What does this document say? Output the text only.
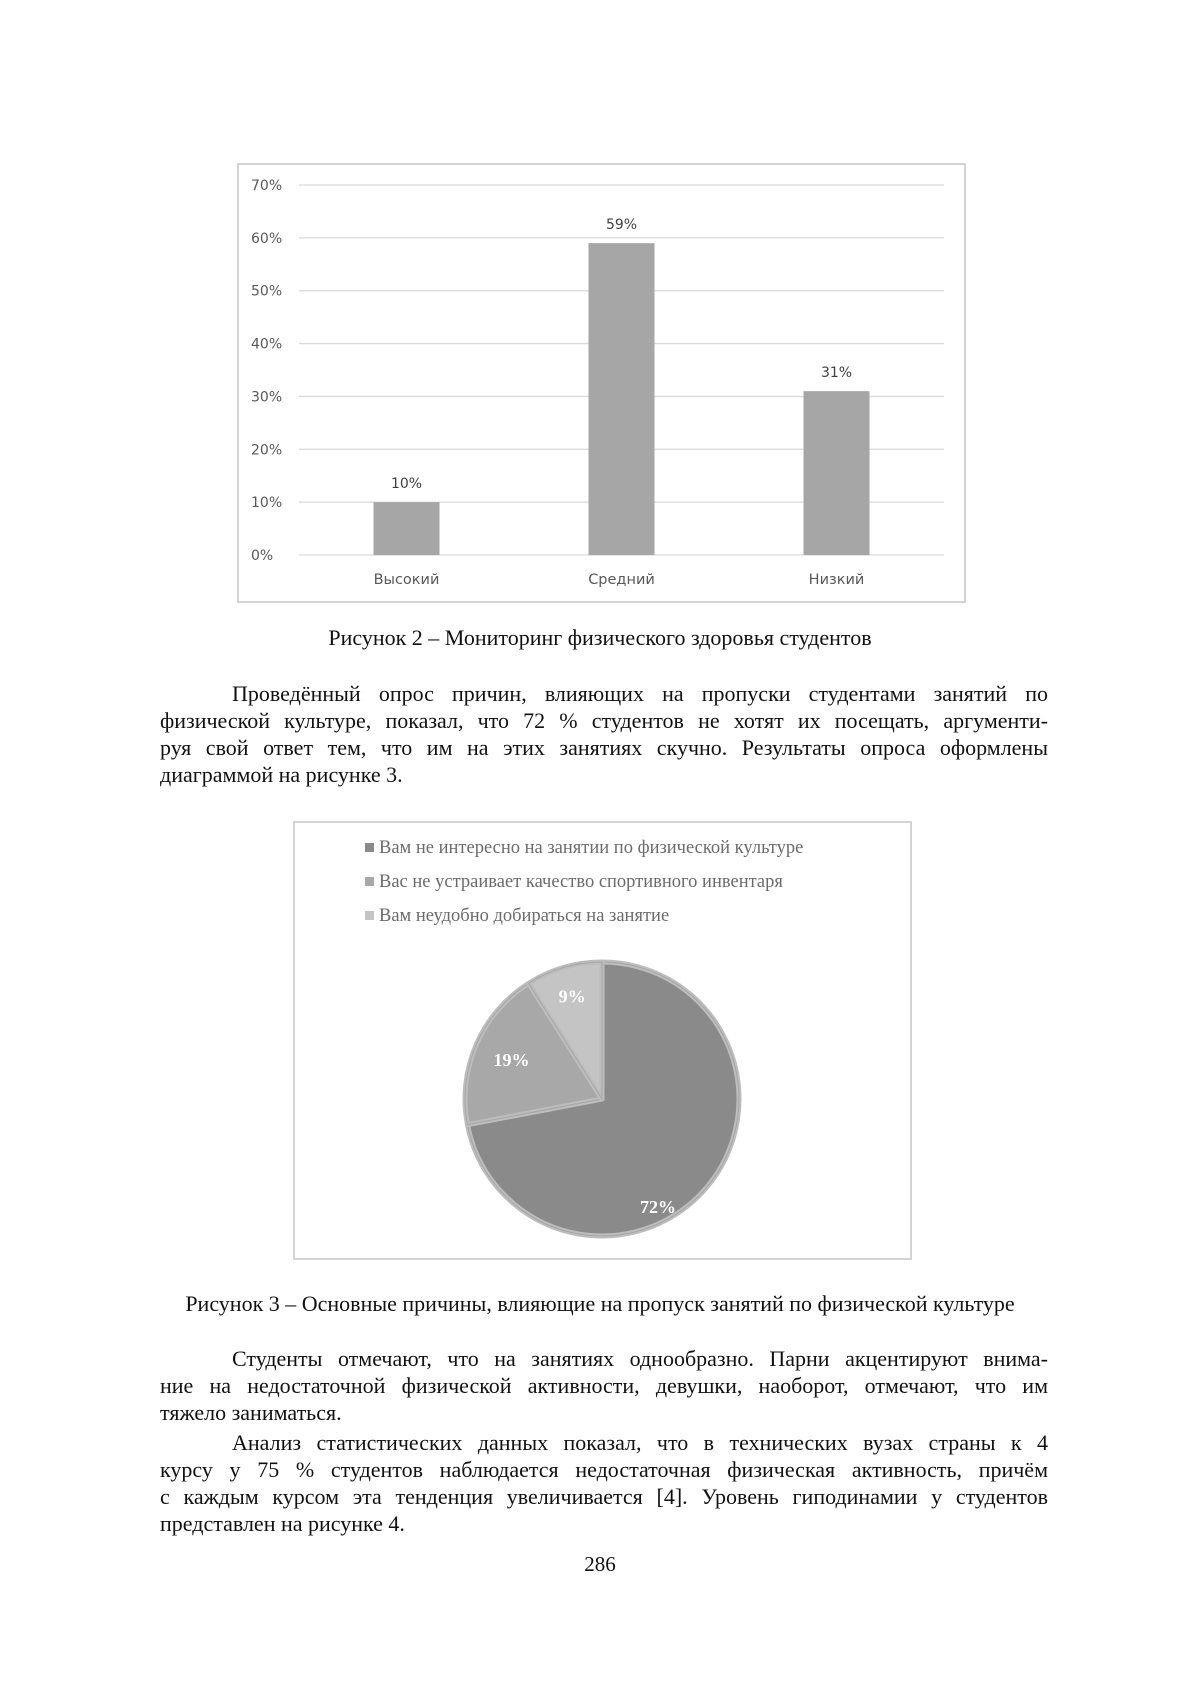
0%
10%
20%
30%
40%
50%
60%
70%
10%
Высокий
59%
Средний
31%
Низкий
Рисунок 2 – Мониторинг физического здоровья студентов
Проведённый опрос причин, влияющих на пропуски студентами занятий по
физической культуре, показал, что 72 % студентов не хотят их посещать, аргументи-
руя свой ответ тем, что им на этих занятиях скучно. Результаты опроса оформлены
диаграммой на рисунке 3.
Вам не интересно на занятии по физической культуре
Вас не устраивает качество спортивного инвентаря
Вам неудобно добираться на занятие
72%
19%
9%
Рисунок 3 – Основные причины, влияющие на пропуск занятий по физической культуре
Студенты отмечают, что на занятиях однообразно. Парни акцентируют внима-
ние на недостаточной физической активности, девушки, наоборот, отмечают, что им
тяжело заниматься.
Анализ статистических данных показал, что в технических вузах страны к 4
курсу у 75 % студентов наблюдается недостаточная физическая активность, причём
с каждым курсом эта тенденция увеличивается [4]. Уровень гиподинамии у студентов
представлен на рисунке 4.
286
